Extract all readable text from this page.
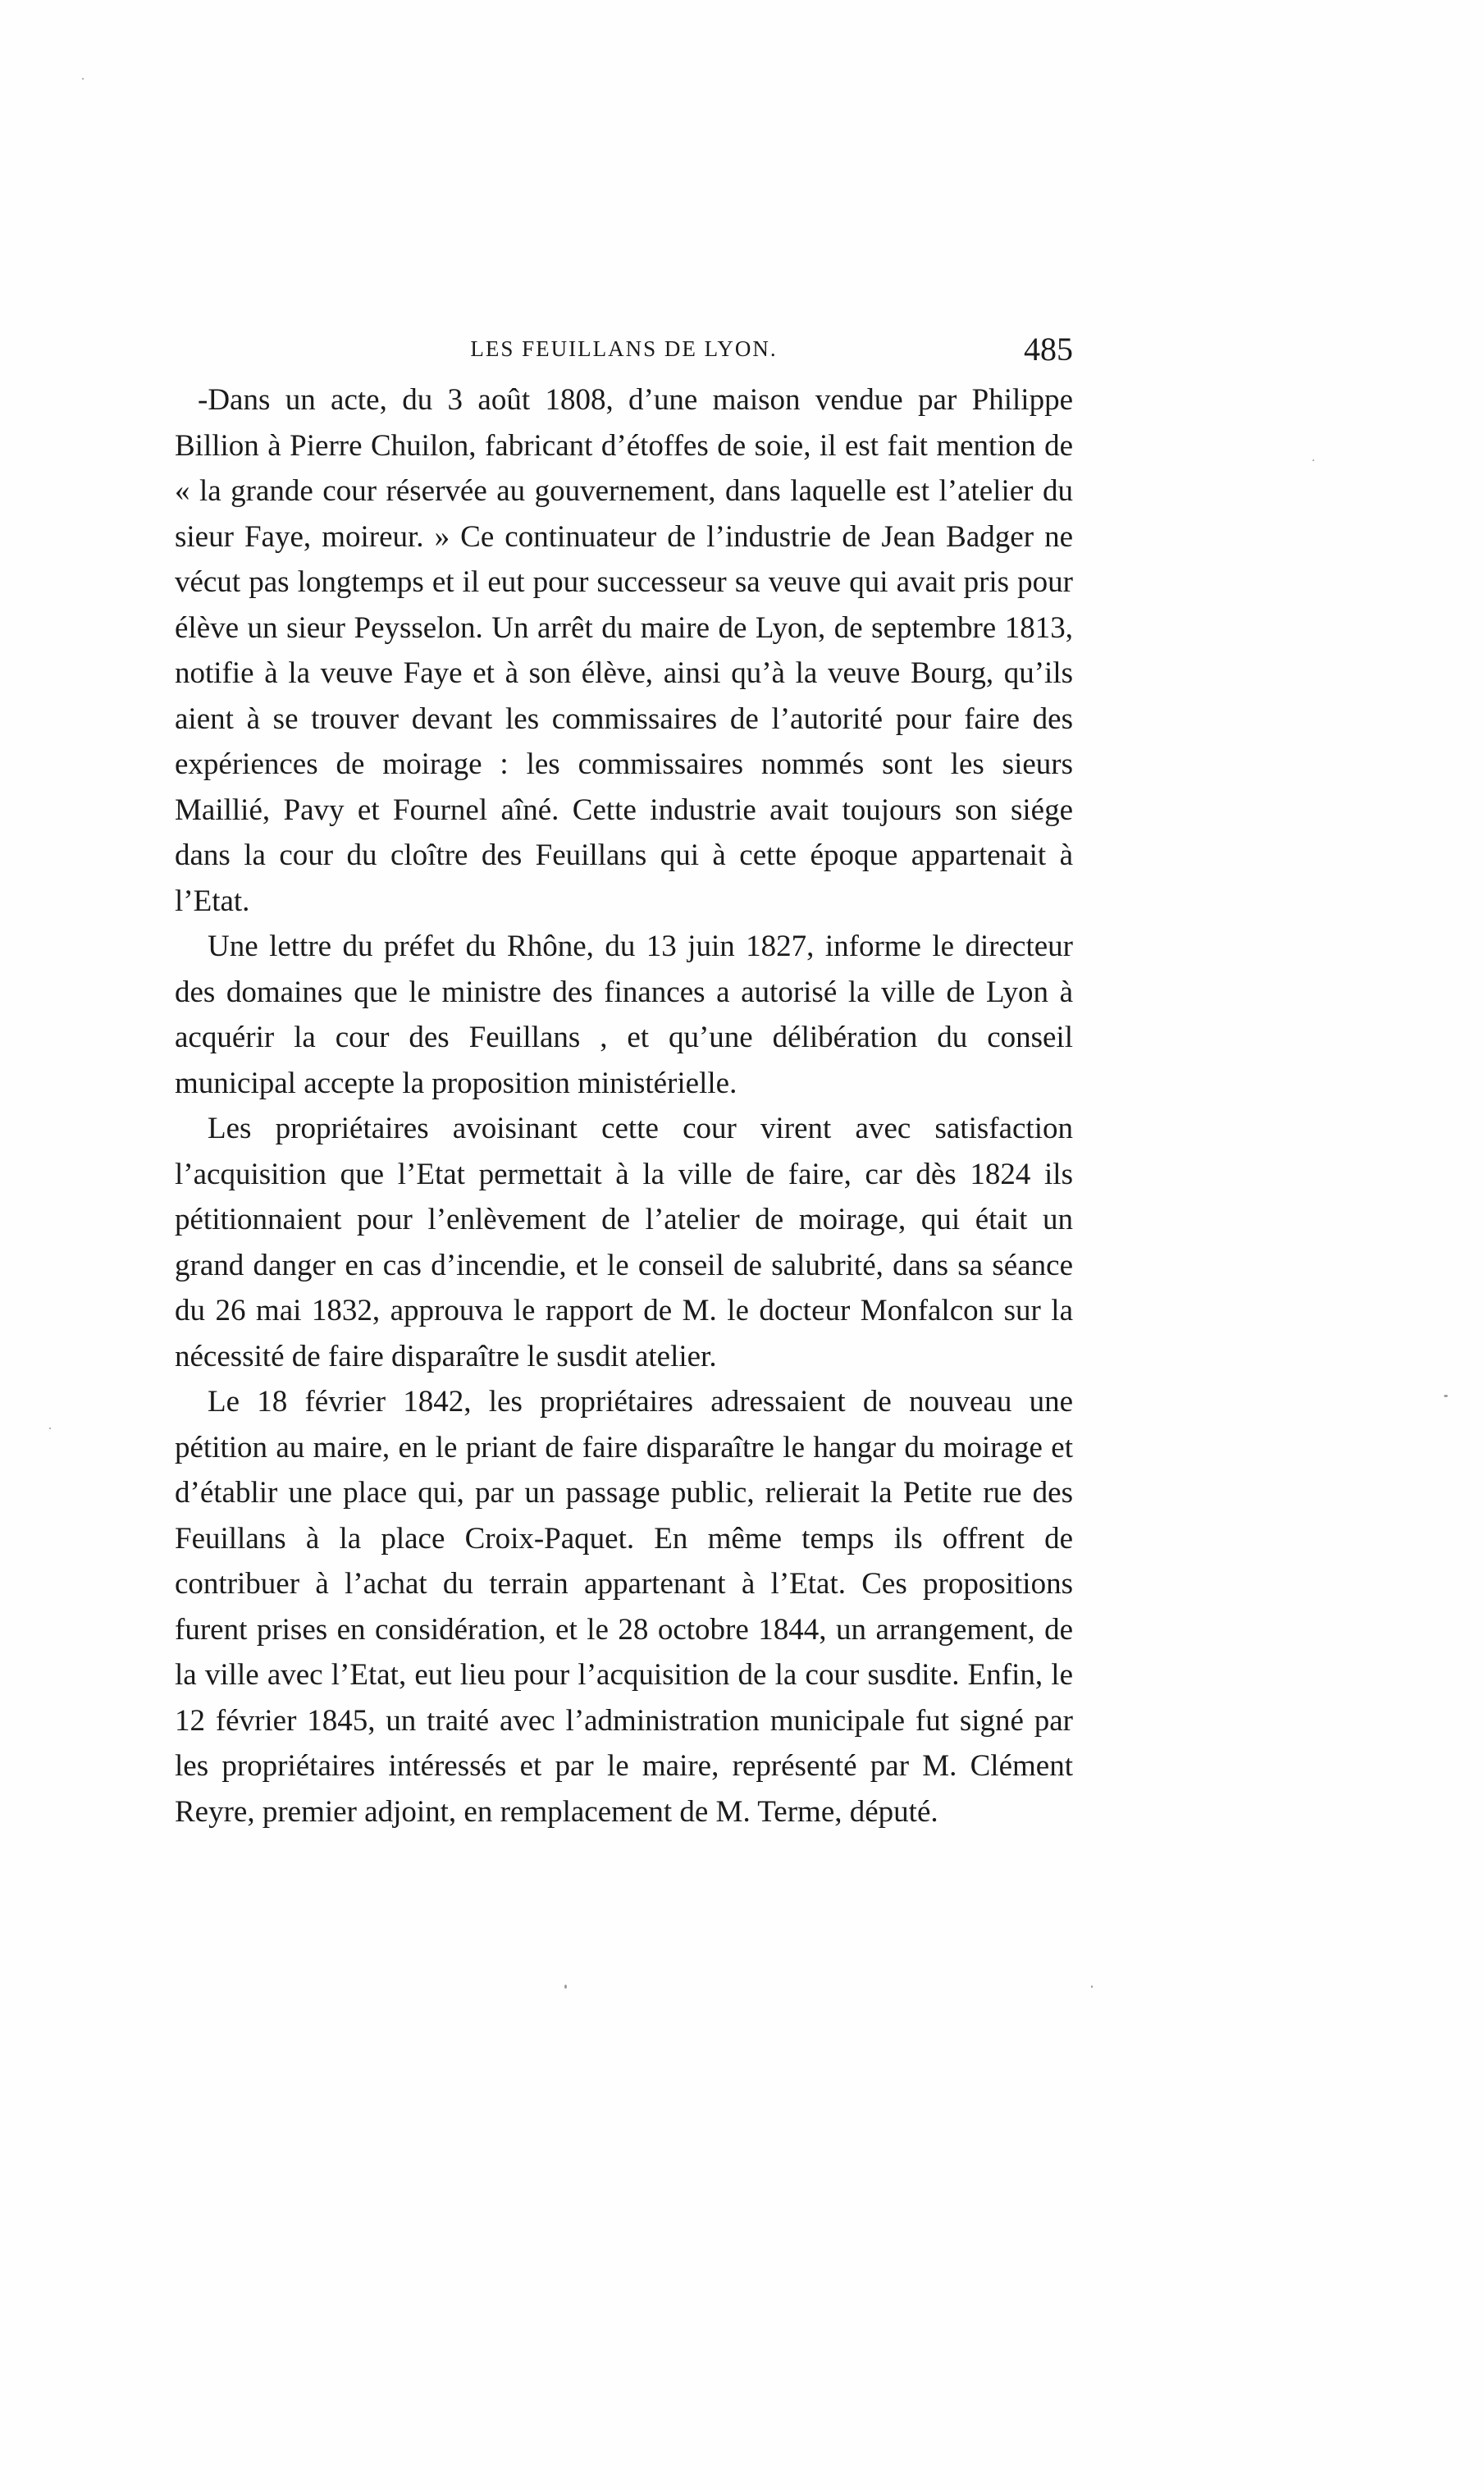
LES FEUILLANS DE LYON.	485

-Dans un acte, du 3 août 1808, d’une maison vendue par Philippe Billion à Pierre Chuilon, fabricant d’étoffes de soie, il est fait mention de « la grande cour réservée au gouvernement, dans laquelle est l’atelier du sieur Faye, moireur. » Ce continuateur de l’industrie de Jean Badger ne vécut pas longtemps et il eut pour successeur sa veuve qui avait pris pour élève un sieur Peysselon. Un arrêt du maire de Lyon, de septembre 1813, notifie à la veuve Faye et à son élève, ainsi qu’à la veuve Bourg, qu’ils aient à se trouver devant les commissaires de l’autorité pour faire des expériences de moirage : les commissaires nommés sont les sieurs Maillié, Pavy et Fournel aîné. Cette industrie avait toujours son siége dans la cour du cloître des Feuillans qui à cette époque appartenait à l’Etat.

Une lettre du préfet du Rhône, du 13 juin 1827, informe le directeur des domaines que le ministre des finances a autorisé la ville de Lyon à acquérir la cour des Feuillans , et qu’une délibération du conseil municipal accepte la proposition ministérielle.

Les propriétaires avoisinant cette cour virent avec satisfaction l’acquisition que l’Etat permettait à la ville de faire, car dès 1824 ils pétitionnaient pour l’enlèvement de l’atelier de moirage, qui était un grand danger en cas d’incendie, et le conseil de salubrité, dans sa séance du 26 mai 1832, approuva le rapport de M. le docteur Monfalcon sur la nécessité de faire disparaître le susdit atelier.

Le 18 février 1842, les propriétaires adressaient de nouveau une pétition au maire, en le priant de faire disparaître le hangar du moirage et d’établir une place qui, par un passage public, relierait la Petite rue des Feuillans à la place Croix-Paquet. En même temps ils offrent de contribuer à l’achat du terrain appartenant à l’Etat. Ces propositions furent prises en considération, et le 28 octobre 1844, un arrangement, de la ville avec l’Etat, eut lieu pour l’acquisition de la cour susdite. Enfin, le 12 février 1845, un traité avec l’administration municipale fut signé par les propriétaires intéressés et par le maire, représenté par M. Clément Reyre, premier adjoint, en remplacement de M. Terme, député.
